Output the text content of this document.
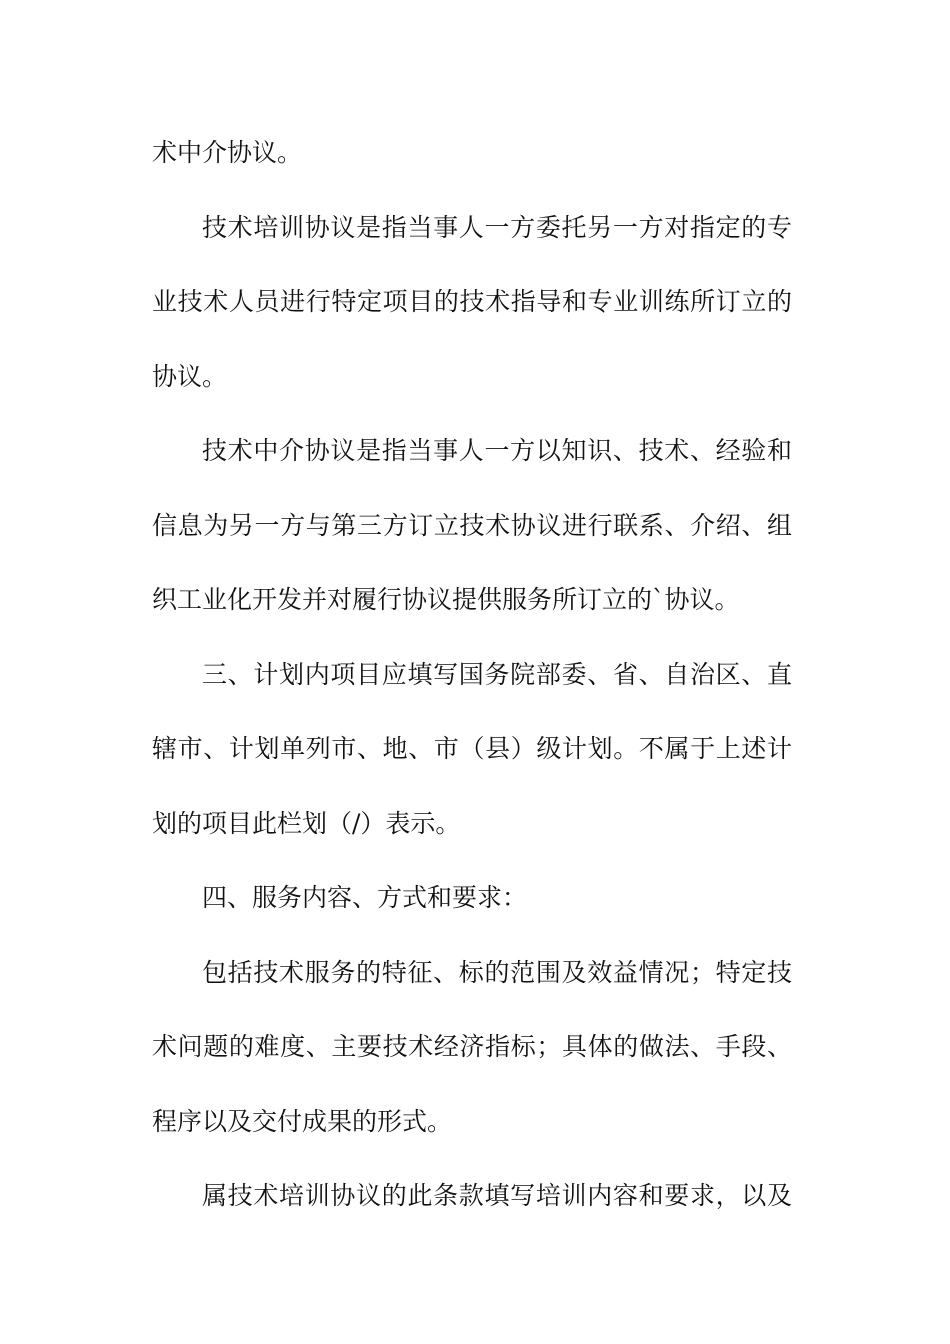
术中介协议。
技术培训协议是指当事人一方委托另一方对指定的专
业技术人员进行特定项目的技术指导和专业训练所订立的
协议。
技术中介协议是指当事人一方以知识、技术、经验和
信息为另一方与第三方订立技术协议进行联系、介绍、组
织工业化开发并对履行协议提供服务所订立的`协议。
三、计划内项目应填写国务院部委、省、自治区、直
辖市、计划单列市、地、市（县）级计划。不属于上述计
划的项目此栏划（/）表示。
四、服务内容、方式和要求：
包括技术服务的特征、标的范围及效益情况；特定技
术问题的难度、主要技术经济指标；具体的做法、手段、
程序以及交付成果的形式。
属技术培训协议的此条款填写培训内容和要求，以及
